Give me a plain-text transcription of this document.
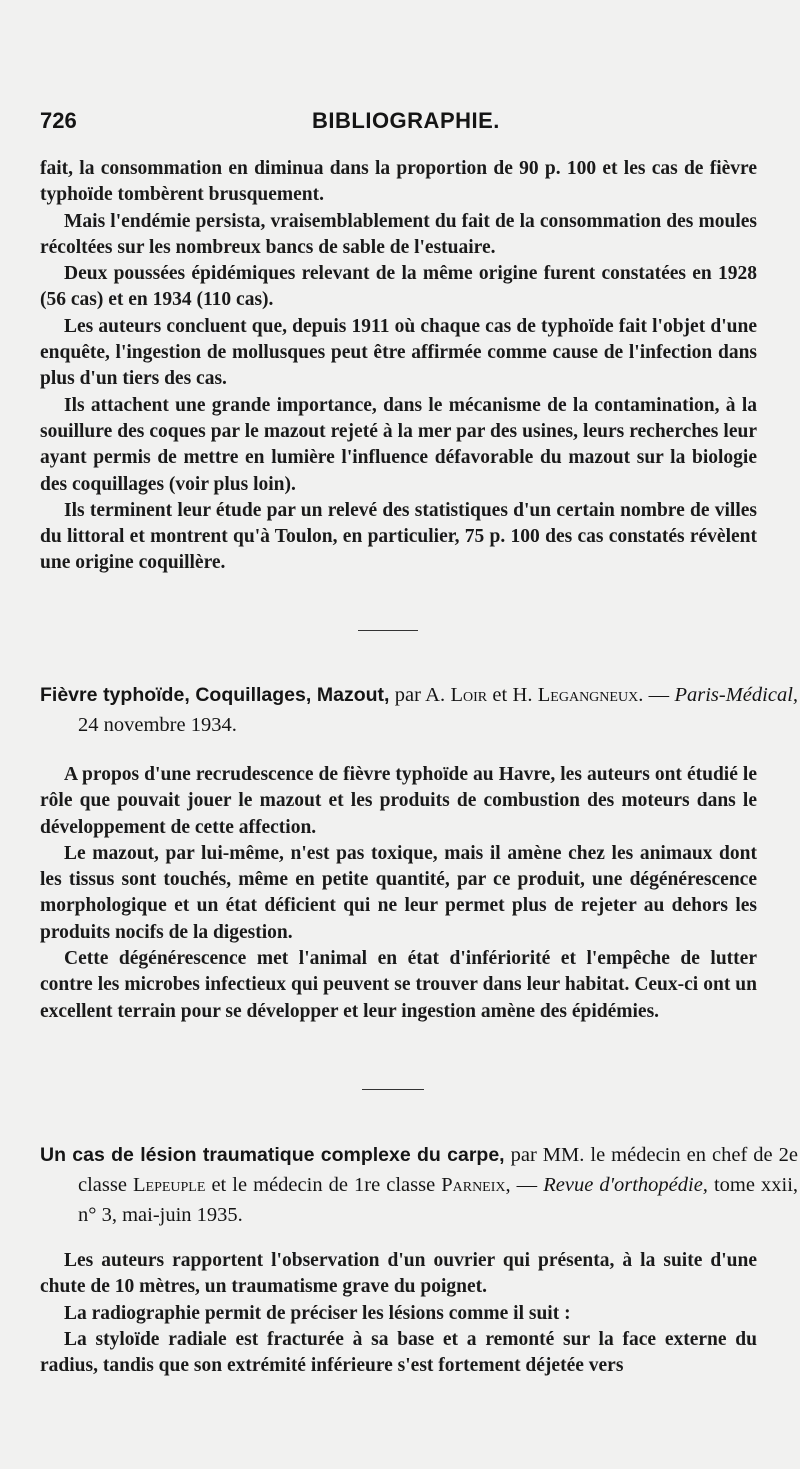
726	BIBLIOGRAPHIE.

fait, la consommation en diminua dans la proportion de 90 p. 100 et les cas de fièvre typhoïde tombèrent brusquement.

Mais l'endémie persista, vraisemblablement du fait de la consommation des moules récoltées sur les nombreux bancs de sable de l'estuaire.

Deux poussées épidémiques relevant de la même origine furent constatées en 1928 (56 cas) et en 1934 (110 cas).

Les auteurs concluent que, depuis 1911 où chaque cas de typhoïde fait l'objet d'une enquête, l'ingestion de mollusques peut être affirmée comme cause de l'infection dans plus d'un tiers des cas.

Ils attachent une grande importance, dans le mécanisme de la contamination, à la souillure des coques par le mazout rejeté à la mer par des usines, leurs recherches leur ayant permis de mettre en lumière l'influence défavorable du mazout sur la biologie des coquillages (voir plus loin).

Ils terminent leur étude par un relevé des statistiques d'un certain nombre de villes du littoral et montrent qu'à Toulon, en particulier, 75 p. 100 des cas constatés révèlent une origine coquillère.

Fièvre typhoïde, Coquillages, Mazout, par A. Loir et H. Legangneux. — Paris-Médical, 24 novembre 1934.

A propos d'une recrudescence de fièvre typhoïde au Havre, les auteurs ont étudié le rôle que pouvait jouer le mazout et les produits de combustion des moteurs dans le développement de cette affection.

Le mazout, par lui-même, n'est pas toxique, mais il amène chez les animaux dont les tissus sont touchés, même en petite quantité, par ce produit, une dégénérescence morphologique et un état déficient qui ne leur permet plus de rejeter au dehors les produits nocifs de la digestion.

Cette dégénérescence met l'animal en état d'infériorité et l'empêche de lutter contre les microbes infectieux qui peuvent se trouver dans leur habitat. Ceux-ci ont un excellent terrain pour se développer et leur ingestion amène des épidémies.

Un cas de lésion traumatique complexe du carpe, par MM. le médecin en chef de 2e classe Lepeuple et le médecin de 1re classe Parneix, — Revue d'orthopédie, tome xxii, n° 3, mai-juin 1935.

Les auteurs rapportent l'observation d'un ouvrier qui présenta, à la suite d'une chute de 10 mètres, un traumatisme grave du poignet.

La radiographie permit de préciser les lésions comme il suit :

La styloïde radiale est fracturée à sa base et a remonté sur la face externe du radius, tandis que son extrémité inférieure s'est fortement déjetée vers
